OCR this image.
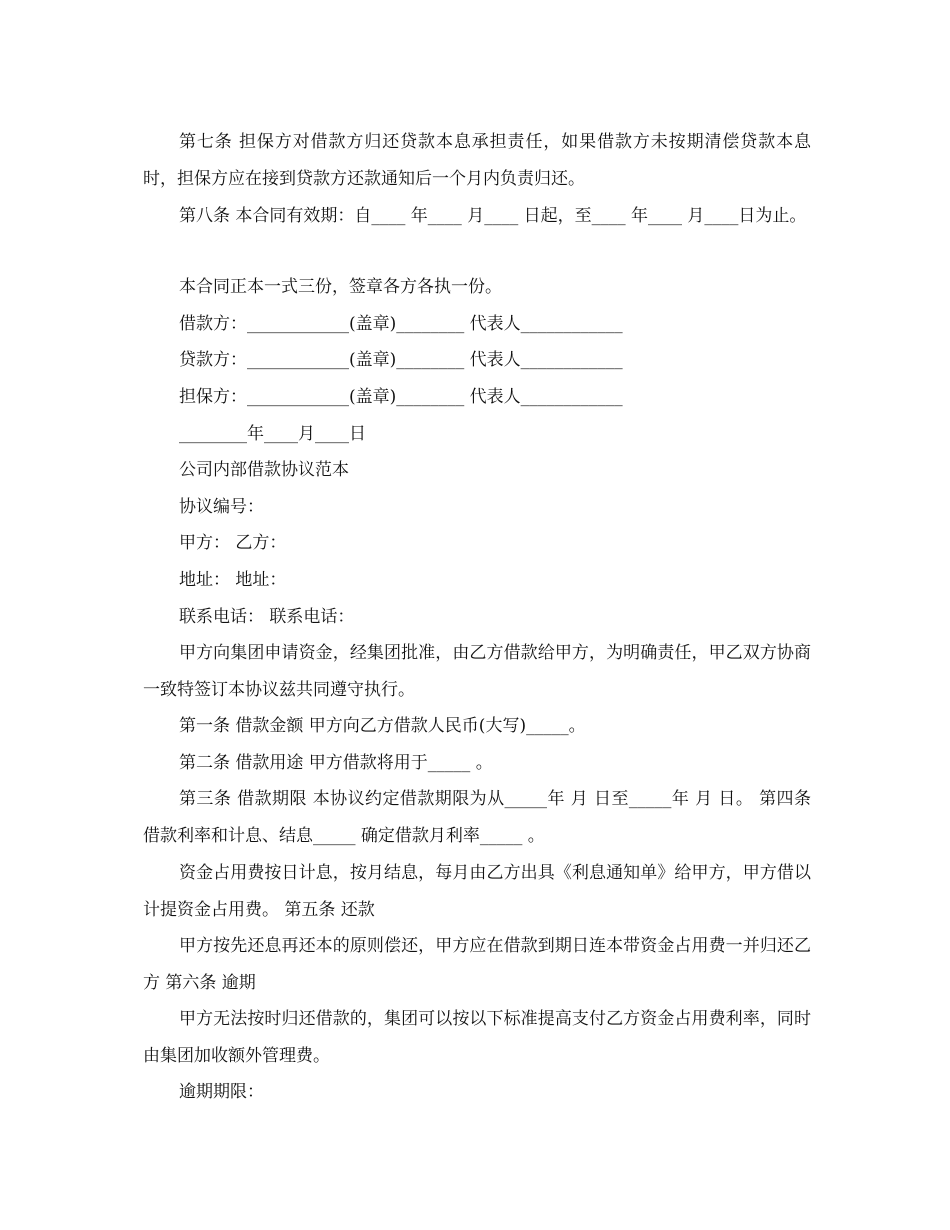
第七条 担保方对借款方归还贷款本息承担责任，如果借款方未按期清偿贷款本息时，担保方应在接到贷款方还款通知后一个月内负责归还。
第八条 本合同有效期：自____ 年____ 月____ 日起，至____ 年____ 月____日为止。
本合同正本一式三份，签章各方各执一份。
借款方：____________(盖章)________ 代表人____________
贷款方：____________(盖章)________ 代表人____________
担保方：____________(盖章)________ 代表人____________
________年____月____日
公司内部借款协议范本
协议编号：
甲方： 乙方：
地址： 地址：
联系电话： 联系电话：
甲方向集团申请资金，经集团批准，由乙方借款给甲方，为明确责任，甲乙双方协商一致特签订本协议兹共同遵守执行。
第一条 借款金额 甲方向乙方借款人民币(大写)_____。
第二条 借款用途 甲方借款将用于_____ 。
第三条 借款期限 本协议约定借款期限为从_____年 月 日至_____年 月 日。 第四条 借款利率和计息、结息_____ 确定借款月利率_____ 。
资金占用费按日计息，按月结息，每月由乙方出具《利息通知单》给甲方，甲方借以计提资金占用费。 第五条 还款
甲方按先还息再还本的原则偿还，甲方应在借款到期日连本带资金占用费一并归还乙方 第六条 逾期
甲方无法按时归还借款的，集团可以按以下标准提高支付乙方资金占用费利率，同时由集团加收额外管理费。
逾期期限：
